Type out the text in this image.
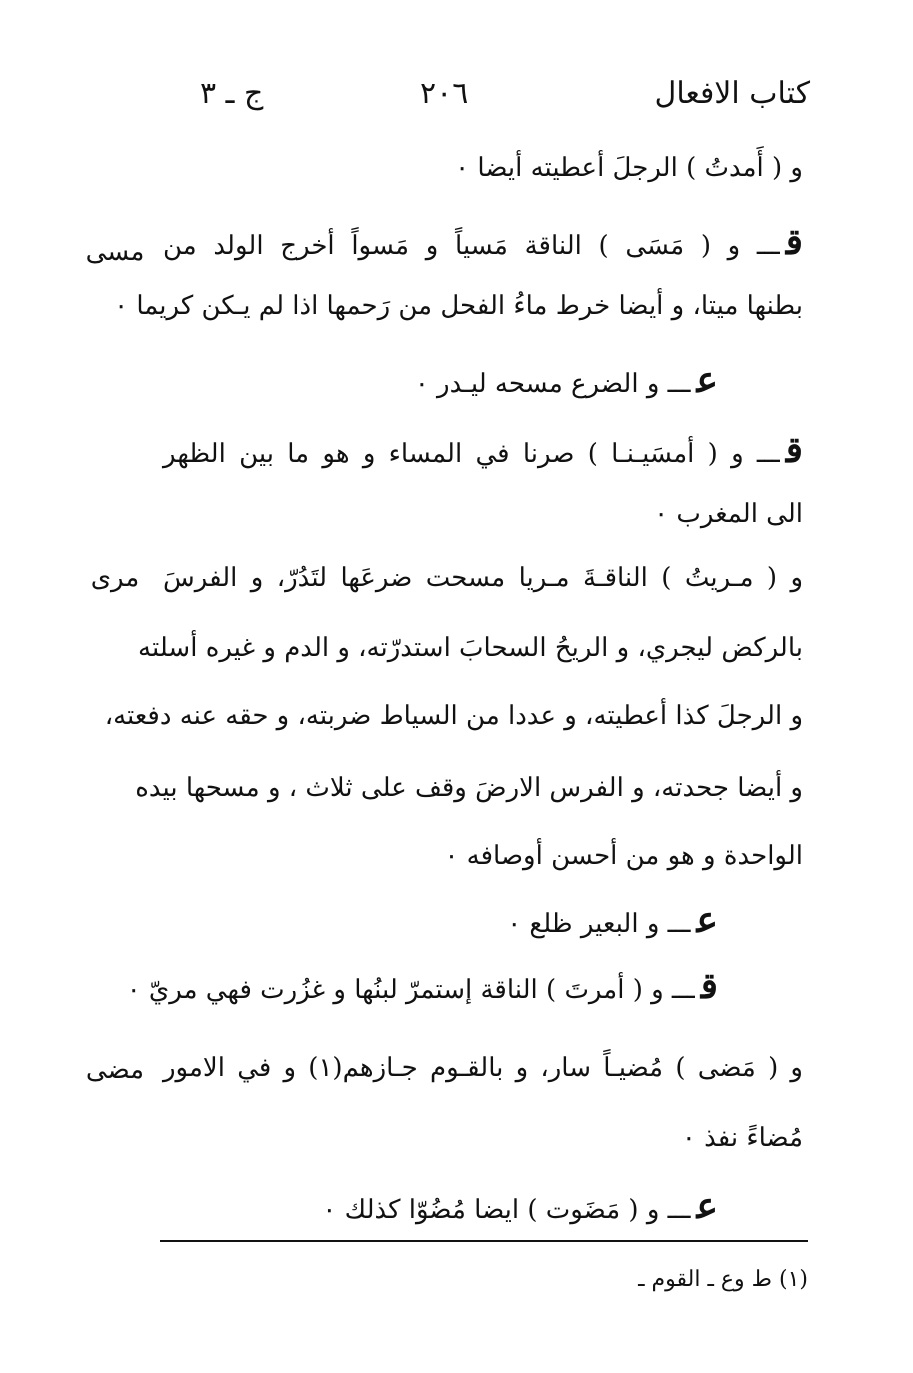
كتاب الافعال
٢٠٦
ج ـ ٣
مسى
مرى
مضى
و ( أَمدتُ ) الرجلَ أعطيته أيضا ٠
قـــ و ( مَسَى ) الناقة مَسياً و مَسواً أخرج الولد من
بطنها ميتا، و أيضا خرط ماءُ الفحل من رَحمها اذا لم يـكن كريما ٠
عـــ و الضرع مسحه ليـدر ٠
قـــ و ( أمسَيـنـا ) صرنا في المساء و هو ما بين الظهر
الى المغرب ٠
و ( مـريتُ ) الناقـةَ مـريا مسحت ضرعَها لتَدُرّ، و الفرسَ
بالركض ليجري، و الريحُ السحابَ استدرّته، و الدم و غيره أسلته
و الرجلَ كذا أعطيته، و عددا من السياط ضربته، و حقه عنه دفعته،
و أيضا جحدته، و الفرس الارضَ وقف على ثلاث ، و مسحها بيده
الواحدة و هو من أحسن أوصافه ٠
عـــ و البعير ظلع ٠
قـــ و ( أمرتَ ) الناقة إستمرّ لبنُها و غزُرت فهي مريّ ٠
و ( مَضى ) مُضيـاً سار، و بالقـوم جـازهم(١) و في الامور
مُضاءً نفذ ٠
عـــ و ( مَضَوت ) ايضا مُضُوّا كذلك ٠
(١) ط وع ـ القوم ـ
